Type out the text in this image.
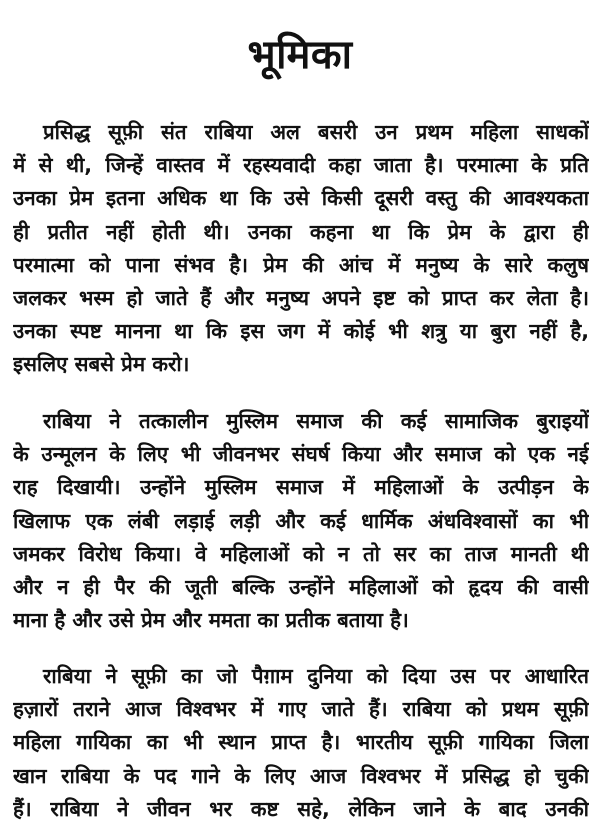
भूमिका

प्रसिद्ध सूफ़ी संत राबिया अल बसरी उन प्रथम महिला साधकों
में से थी, जिन्हें वास्तव में रहस्यवादी कहा जाता है। परमात्मा के प्रति
उनका प्रेम इतना अधिक था कि उसे किसी दूसरी वस्तु की आवश्यकता
ही प्रतीत नहीं होती थी। उनका कहना था कि प्रेम के द्वारा ही
परमात्मा को पाना संभव है। प्रेम की आंच में मनुष्य के सारे कलुष
जलकर भस्म हो जाते हैं और मनुष्य अपने इष्ट को प्राप्त कर लेता है।
उनका स्पष्ट मानना था कि इस जग में कोई भी शत्रु या बुरा नहीं है,
इसलिए सबसे प्रेम करो।

राबिया ने तत्कालीन मुस्लिम समाज की कई सामाजिक बुराइयों
के उन्मूलन के लिए भी जीवनभर संघर्ष किया और समाज को एक नई
राह दिखायी। उन्होंने मुस्लिम समाज में महिलाओं के उत्पीड़न के
खिलाफ एक लंबी लड़ाई लड़ी और कई धार्मिक अंधविश्वासों का भी
जमकर विरोध किया। वे महिलाओं को न तो सर का ताज मानती थी
और न ही पैर की जूती बल्कि उन्होंने महिलाओं को हृदय की वासी
माना है और उसे प्रेम और ममता का प्रतीक बताया है।

राबिया ने सूफ़ी का जो पैग़ाम दुनिया को दिया उस पर आधारित
हज़ारों तराने आज विश्वभर में गाए जाते हैं। राबिया को प्रथम सूफ़ी
महिला गायिका का भी स्थान प्राप्त है। भारतीय सूफ़ी गायिका जिला
खान राबिया के पद गाने के लिए आज विश्वभर में प्रसिद्ध हो चुकी
हैं। राबिया ने जीवन भर कष्ट सहे, लेकिन जाने के बाद उनकी
